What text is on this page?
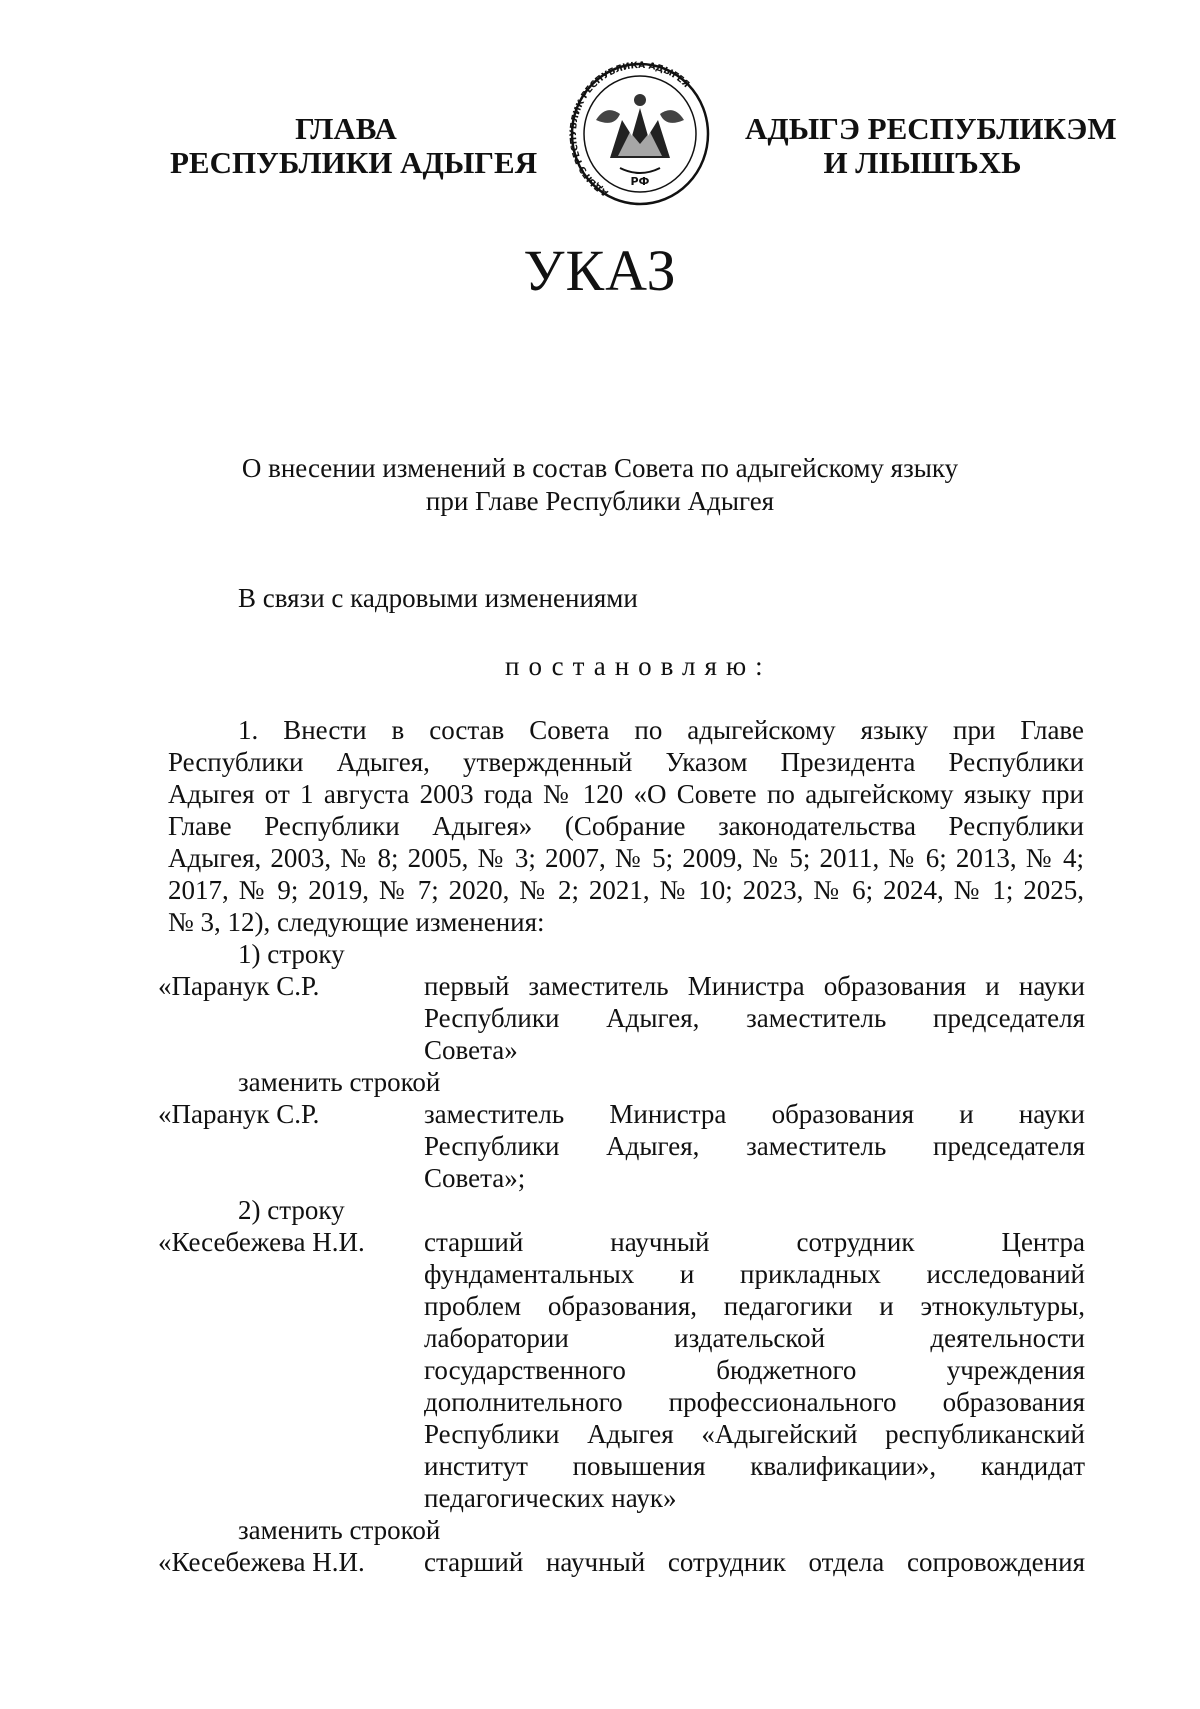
ГЛАВА
РЕСПУБЛИКИ АДЫГЕЯ
АДЫГЭ РЕСПУБЛИК РЕСПУБЛИКА АДЫГЕЯ
РФ
АДЫГЭ РЕСПУБЛИКЭМ
И ЛІЫШЪХЬ
УКАЗ
О внесении изменений в состав Совета по адыгейскому языку
при Главе Республики Адыгея
В связи с кадровыми изменениями
постановляю:
1. Внести в состав Совета по адыгейскому языку при Главе
Республики Адыгея, утвержденный Указом Президента Республики
Адыгея от 1 августа 2003 года № 120 «О Совете по адыгейскому языку при
Главе Республики Адыгея» (Собрание законодательства Республики
Адыгея, 2003, № 8; 2005, № 3; 2007, № 5; 2009, № 5; 2011, № 6; 2013, № 4;
2017, № 9; 2019, № 7; 2020, № 2; 2021, № 10; 2023, № 6; 2024, № 1; 2025,
№ 3, 12), следующие изменения:
1) строку
«Паранук С.Р.	первый заместитель Министра образования и науки
Республики Адыгея, заместитель председателя
Совета»
заменить строкой
«Паранук С.Р.	заместитель Министра образования и науки
Республики Адыгея, заместитель председателя
Совета»;
2) строку
«Кесебежева Н.И. старший научный сотрудник Центра
фундаментальных и прикладных исследований
проблем образования, педагогики и этнокультуры,
лаборатории издательской деятельности
государственного бюджетного учреждения
дополнительного профессионального образования
Республики Адыгея «Адыгейский республиканский
институт повышения квалификации», кандидат
педагогических наук»
заменить строкой
«Кесебежева Н.И. старший научный сотрудник отдела сопровождения
